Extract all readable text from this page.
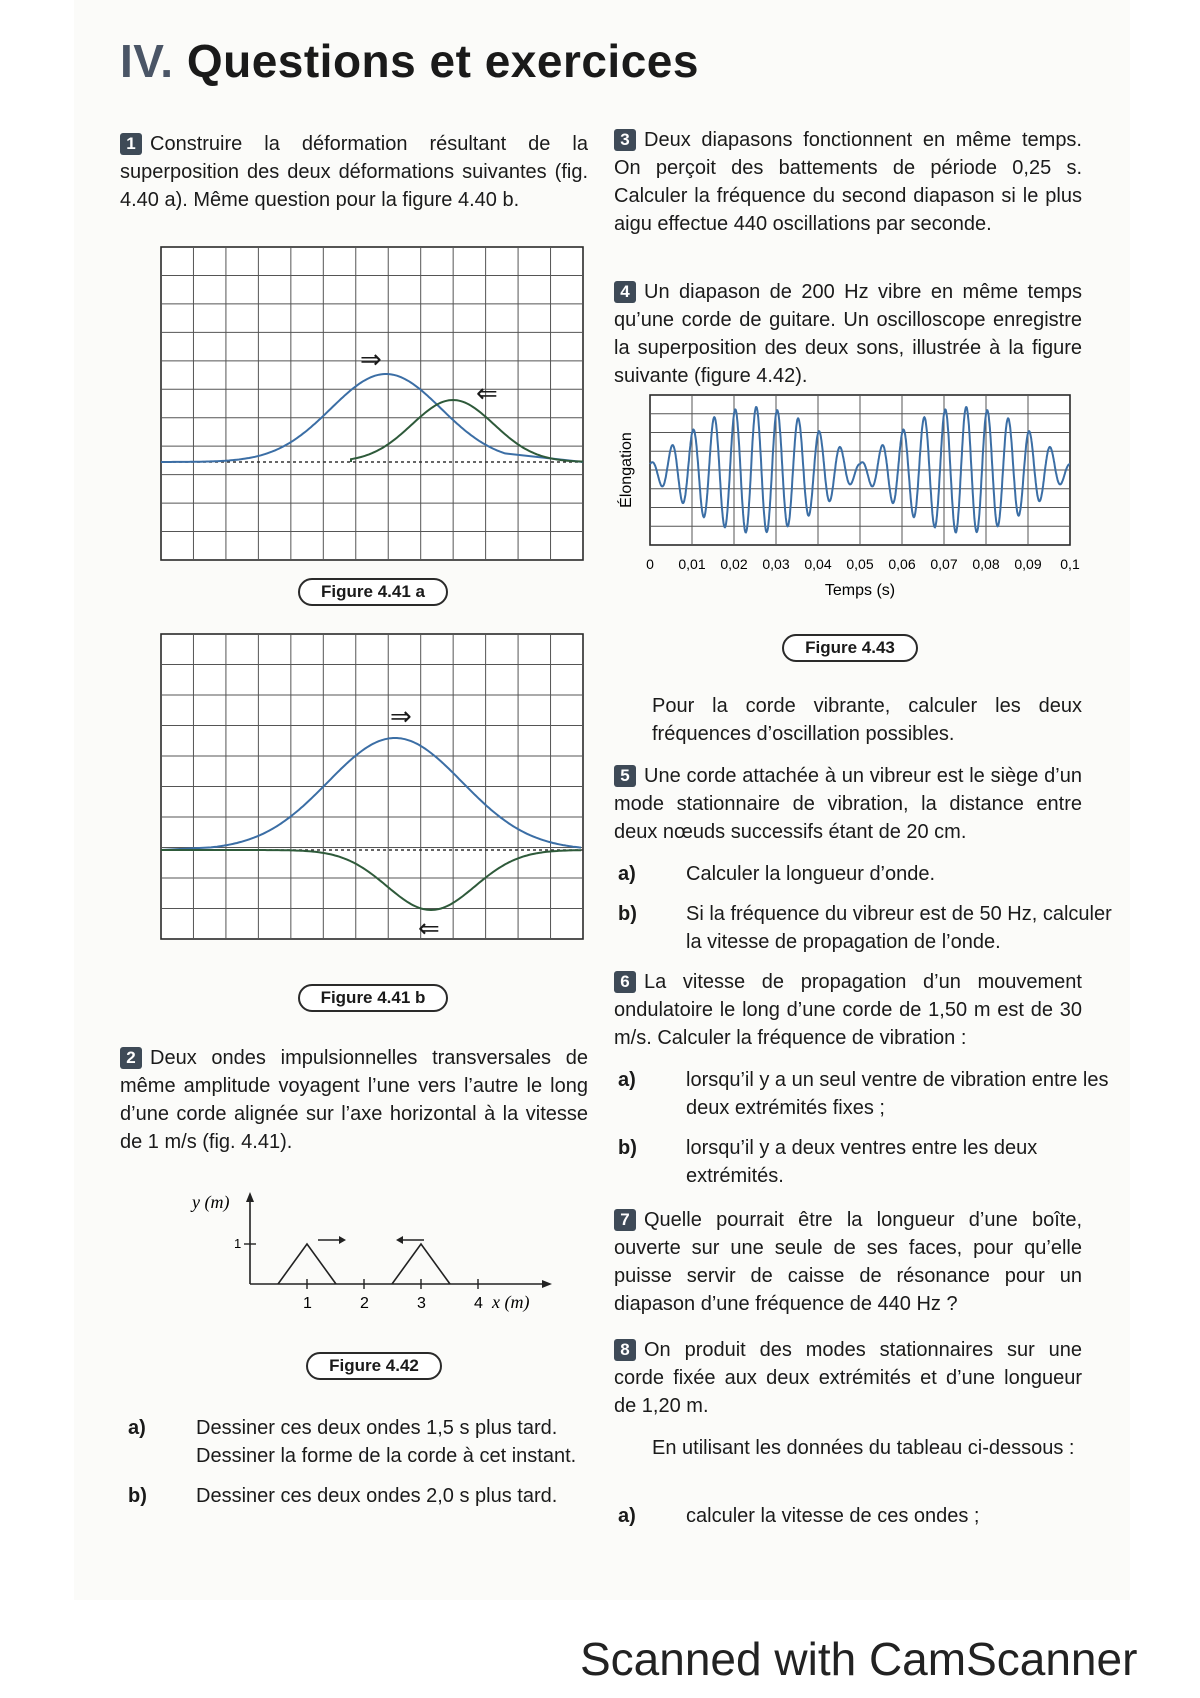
IV. Questions et exercices
1 Construire la déformation résultant de la superposition des deux déformations suivantes (fig. 4.40 a). Même question pour la figure 4.40 b.
Figure 4.41 a
⇒
⇐
Figure 4.41 b
⇒
⇐
2 Deux ondes impulsionnelles transversales de même amplitude voyagent l’une vers l’autre le long d’une corde alignée sur l’axe horizontal à la vitesse de 1 m/s (fig. 4.41).
y (m)
1
1	2	3	4 x (m)
Figure 4.42
a)	Dessiner ces deux ondes 1,5 s plus tard. Dessiner la forme de la corde à cet instant.
b) Dessiner ces deux ondes 2,0 s plus tard.
3 Deux diapasons fonctionnent en même temps. On perçoit des battements de période 0,25 s. Calculer la fréquence du second diapason si le plus aigu effectue 440 oscillations par seconde.
4 Un diapason de 200 Hz vibre en même temps qu’une corde de guitare. Un oscilloscope enregistre la superposition des deux sons, illustrée à la figure suivante (figure 4.42).
0 0,01 0,02 0,03 0,04 0,05 0,06 0,07 0,08 0,09 0,1
Temps (s)
Élongation
Figure 4.43
Pour la corde vibrante, calculer les deux fréquences d’oscillation possibles.
5 Une corde attachée à un vibreur est le siège d’un mode stationnaire de vibration, la distance entre deux nœuds successifs étant de 20 cm.
a)	Calculer la longueur d’onde.
b) Si la fréquence du vibreur est de 50 Hz, calculer la vitesse de propagation de l’onde.
6 La vitesse de propagation d’un mouvement ondulatoire le long d’une corde de 1,50 m est de 30 m/s. Calculer la fréquence de vibration :
a)	lorsqu’il y a un seul ventre de vibration entre les deux extrémités fixes ;
b) lorsqu’il y a deux ventres entre les deux extrémités.
7 Quelle pourrait être la longueur d’une boîte, ouverte sur une seule de ses faces, pour qu’elle puisse servir de caisse de résonance pour un diapason d’une fréquence de 440 Hz ?
8 On produit des modes stationnaires sur une corde fixée aux deux extrémités et d’une longueur de 1,20 m.
En utilisant les données du tableau ci-dessous :
a)	calculer la vitesse de ces ondes ;
Scanned with CamScanner
